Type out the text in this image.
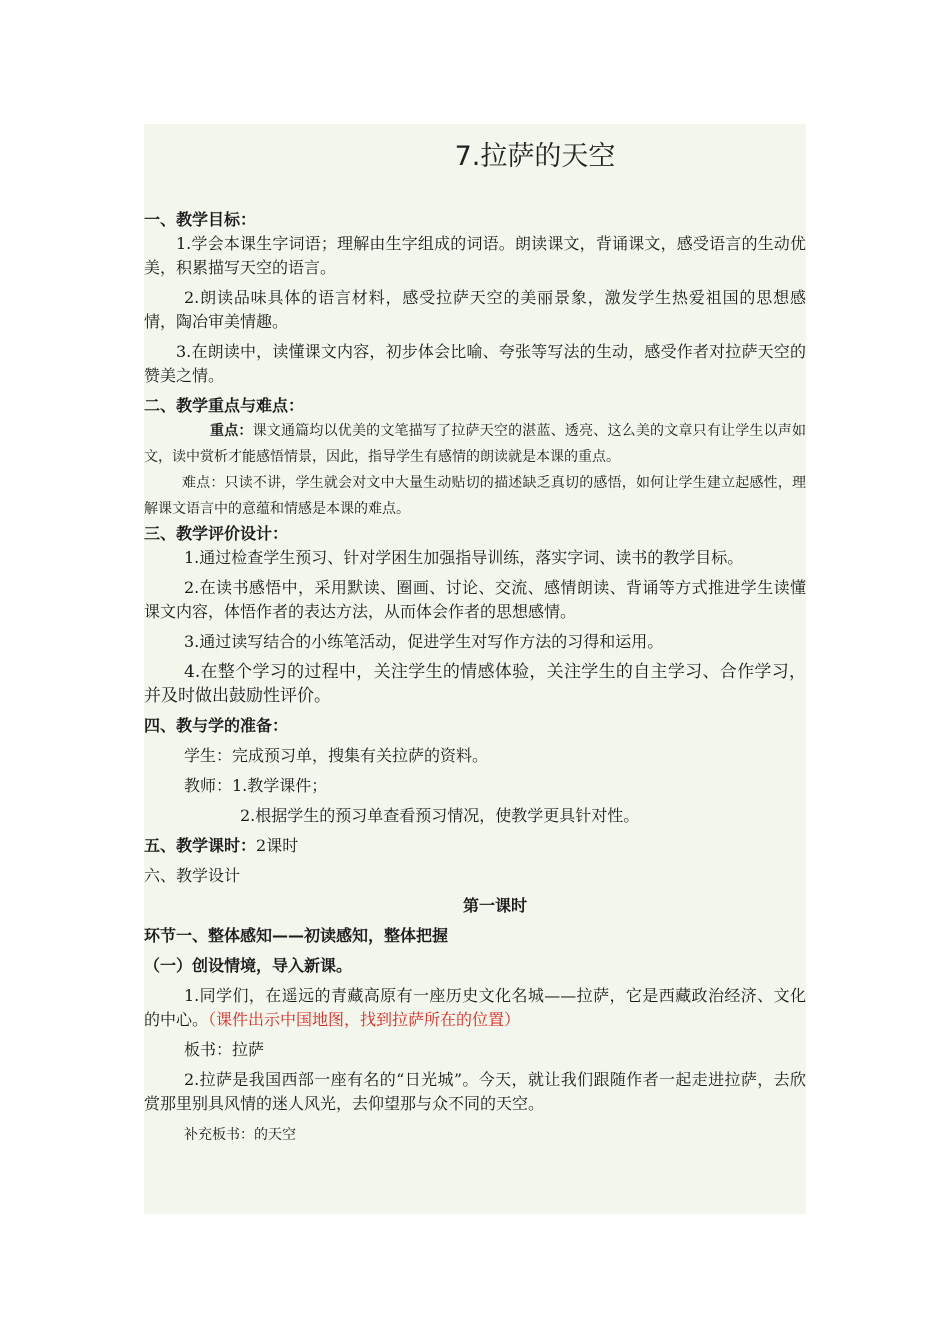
7.拉萨的天空

一、教学目标：

1.学会本课生字词语；理解由生字组成的词语。朗读课文，背诵课文，感受语言的生动优美，积累描写天空的语言。

2.朗读品味具体的语言材料，感受拉萨天空的美丽景象，激发学生热爱祖国的思想感情，陶冶审美情趣。

3.在朗读中，读懂课文内容，初步体会比喻、夸张等写法的生动，感受作者对拉萨天空的赞美之情。

二、教学重点与难点：

重点：课文通篇均以优美的文笔描写了拉萨天空的湛蓝、透亮、这么美的文章只有让学生以声如文，读中赏析才能感悟情景，因此，指导学生有感情的朗读就是本课的重点。

难点：只读不讲，学生就会对文中大量生动贴切的描述缺乏真切的感悟，如何让学生建立起感性，理解课文语言中的意蕴和情感是本课的难点。

三、教学评价设计：

1.通过检查学生预习、针对学困生加强指导训练，落实字词、读书的教学目标。

2.在读书感悟中，采用默读、圈画、讨论、交流、感情朗读、背诵等方式推进学生读懂课文内容，体悟作者的表达方法，从而体会作者的思想感情。

3.通过读写结合的小练笔活动，促进学生对写作方法的习得和运用。

4.在整个学习的过程中，关注学生的情感体验，关注学生的自主学习、合作学习，并及时做出鼓励性评价。

四、教与学的准备：

学生：完成预习单，搜集有关拉萨的资料。

教师：1.教学课件；

2.根据学生的预习单查看预习情况，使教学更具针对性。

五、教学课时：2课时

六、教学设计

第一课时

环节一、整体感知——初读感知，整体把握

（一）创设情境，导入新课。

1.同学们，在遥远的青藏高原有一座历史文化名城——拉萨，它是西藏政治经济、文化的中心。（课件出示中国地图，找到拉萨所在的位置）

板书：拉萨

2.拉萨是我国西部一座有名的“日光城”。今天，就让我们跟随作者一起走进拉萨，去欣赏那里别具风情的迷人风光，去仰望那与众不同的天空。

补充板书：的天空
